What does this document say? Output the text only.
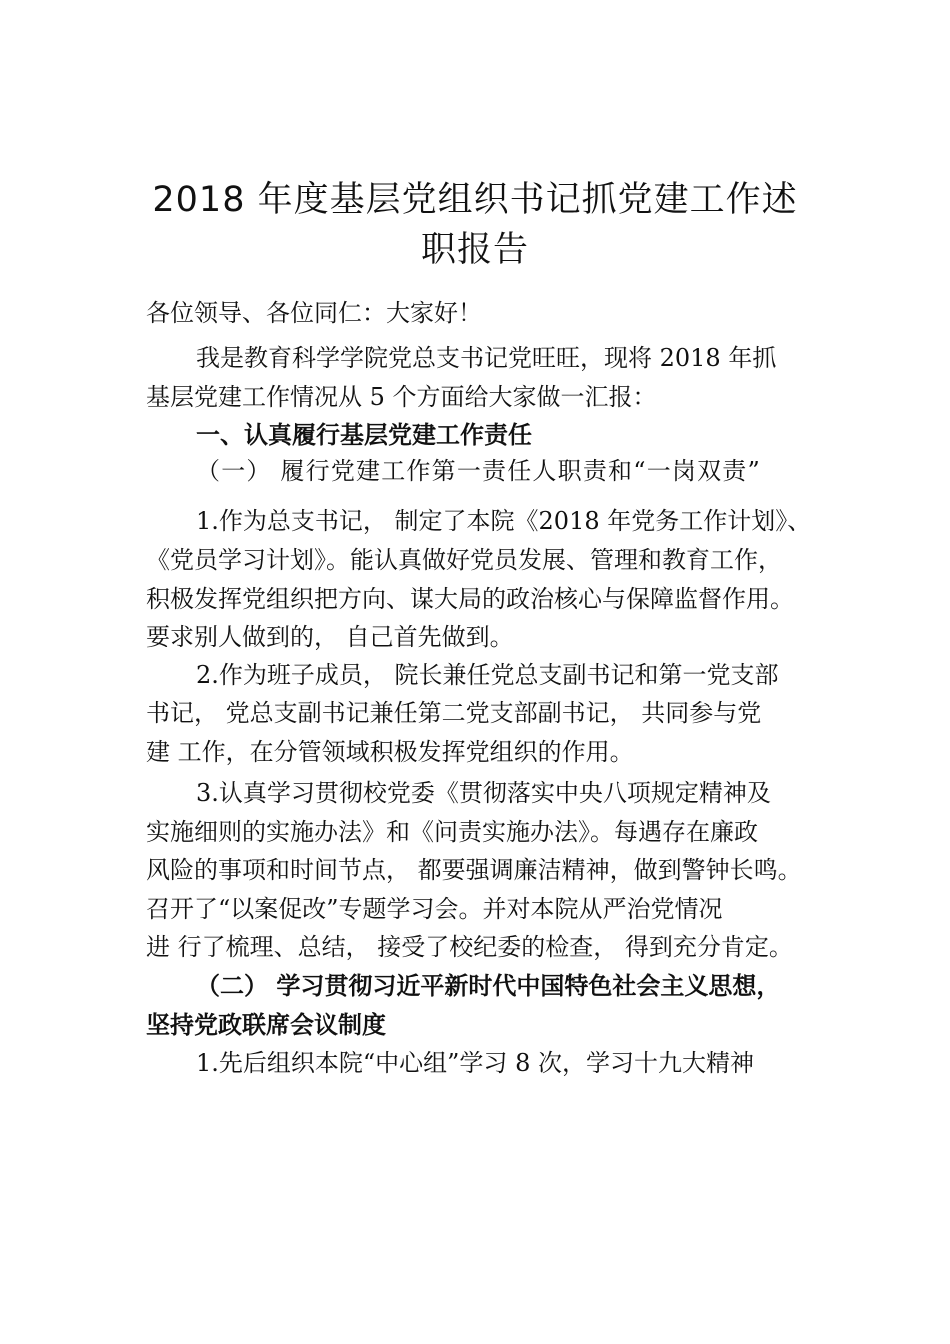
2018 年度基层党组织书记抓党建工作述
职报告

各位领导、各位同仁：大家好！

我是教育科学学院党总支书记党旺旺，现将 2018 年抓

基层党建工作情况从 5 个方面给大家做一汇报：

一、认真履行基层党建工作责任

（一） 履行党建工作第一责任人职责和“一岗双责”

1.作为总支书记， 制定了本院《2018 年党务工作计划》、

《党员学习计划》。能认真做好党员发展、管理和教育工作，

积极发挥党组织把方向、谋大局的政治核心与保障监督作用。

要求别人做到的， 自己首先做到。

2.作为班子成员， 院长兼任党总支副书记和第一党支部

书记， 党总支副书记兼任第二党支部副书记， 共同参与党

建 工作，在分管领域积极发挥党组织的作用。

3.认真学习贯彻校党委《贯彻落实中央八项规定精神及

实施细则的实施办法》和《问责实施办法》。每遇存在廉政

风险的事项和时间节点， 都要强调廉洁精神，做到警钟长鸣。

召开了“以案促改”专题学习会。并对本院从严治党情况

进 行了梳理、总结， 接受了校纪委的检查， 得到充分肯定。

（二） 学习贯彻习近平新时代中国特色社会主义思想，

坚持党政联席会议制度

1.先后组织本院“中心组”学习 8 次，学习十九大精神
